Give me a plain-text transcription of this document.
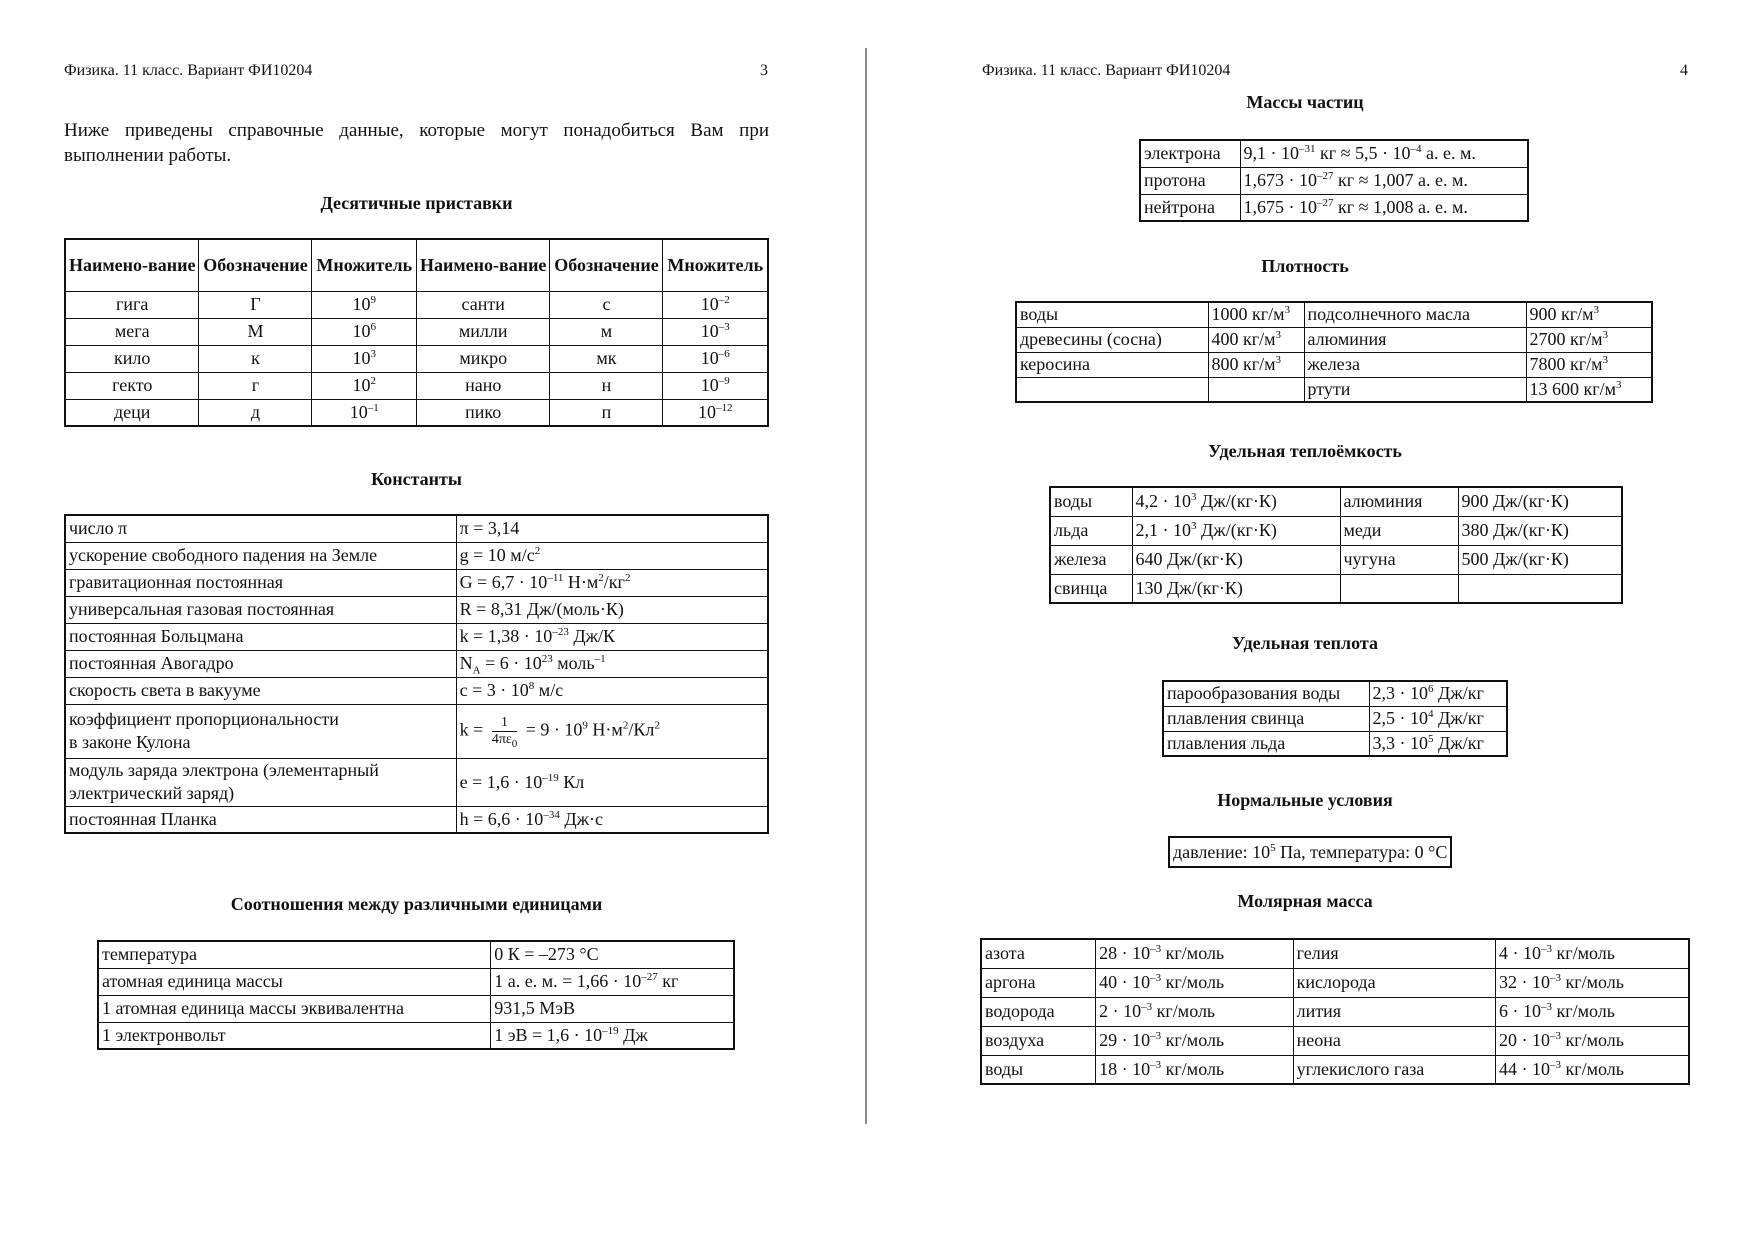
Физика. 11 класс. Вариант ФИ10204	3
Ниже приведены справочные данные, которые могут понадобиться Вам при выполнении работы.
Десятичные приставки
Наимено-вание	Обозначение	Множитель	Наимено-вание	Обозначение	Множитель
гига	Г	$10^9$	санти	с	$10^{-2}$
мега	М	$10^6$	милли	м	$10^{-3}$
кило	к	$10^3$	микро	мк	$10^{-6}$
гекто	г	$10^2$	нано	н	$10^{-9}$
деци	д	$10^{-1}$	пико	п	$10^{-12}$
Константы
число π	π = 3,14
ускорение свободного падения на Земле	g = 10 $м/с^2$
гравитационная постоянная	$G = 6,7 \cdot 10^{-11}$ $Н\cdot м^2/кг^2$
универсальная газовая постоянная	R = 8,31 Дж/(моль·К)
постоянная Больцмана	$k = 1,38 \cdot 10^{-23}$ Дж/К
постоянная Авогадро	$N_A = 6 \cdot 10^{23}$ моль$^{-1}$
скорость света в вакууме	$с = 3 \cdot 10^8$ м/с
коэффициент пропорциональности
в законе Кулона	$k = \frac{1}{4\pi\varepsilon_0} = 9 \cdot 10^9$ $Н\cdot м^2/Кл^2$
модуль заряда электрона (элементарный
электрический заряд)	$e = 1,6 \cdot 10^{-19}$ Кл
постоянная Планка	$h = 6,6 \cdot 10^{-34}$ Дж·с
Соотношения между различными единицами
температура	0 К = –273 °С
атомная единица массы	1 а. е. м. = $1,66 \cdot 10^{-27}$ кг
1 атомная единица массы эквивалентна	931,5 МэВ
1 электронвольт	1 эВ = $1,6 \cdot 10^{-19}$ Дж
Физика. 11 класс. Вариант ФИ10204	4
Массы частиц
электрона	$9,1 \cdot 10^{-31}$ кг ≈ $5,5 \cdot 10^{-4}$ а. е. м.
протона	$1,673 \cdot 10^{-27}$ кг ≈ 1,007 а. е. м.
нейтрона	$1,675 \cdot 10^{-27}$ кг ≈ 1,008 а. е. м.
Плотность
воды	1000 $кг/м^3$	подсолнечного масла	900 $кг/м^3$
древесины (сосна)	400 $кг/м^3$	алюминия	2700 $кг/м^3$
керосина	800 $кг/м^3$	железа	7800 $кг/м^3$
		ртути	13 600 $кг/м^3$
Удельная теплоёмкость
воды	$4,2 \cdot 10^3$ Дж/(кг·К)	алюминия	900 Дж/(кг·К)
льда	$2,1 \cdot 10^3$ Дж/(кг·К)	меди	380 Дж/(кг·К)
железа	640 Дж/(кг·К)	чугуна	500 Дж/(кг·К)
свинца	130 Дж/(кг·К)		
Удельная теплота
парообразования воды	$2,3 \cdot 10^6$ Дж/кг
плавления свинца	$2,5 \cdot 10^4$ Дж/кг
плавления льда	$3,3 \cdot 10^5$ Дж/кг
Нормальные условия
давление: $10^5$ Па, температура: 0 °С
Молярная масса
азота	$28 \cdot 10^{-3}$ кг/моль	гелия	$4 \cdot 10^{-3}$ кг/моль
аргона	$40 \cdot 10^{-3}$ кг/моль	кислорода	$32 \cdot 10^{-3}$ кг/моль
водорода	$2 \cdot 10^{-3}$ кг/моль	лития	$6 \cdot 10^{-3}$ кг/моль
воздуха	$29 \cdot 10^{-3}$ кг/моль	неона	$20 \cdot 10^{-3}$ кг/моль
воды	$18 \cdot 10^{-3}$ кг/моль	углекислого газа	$44 \cdot 10^{-3}$ кг/моль
